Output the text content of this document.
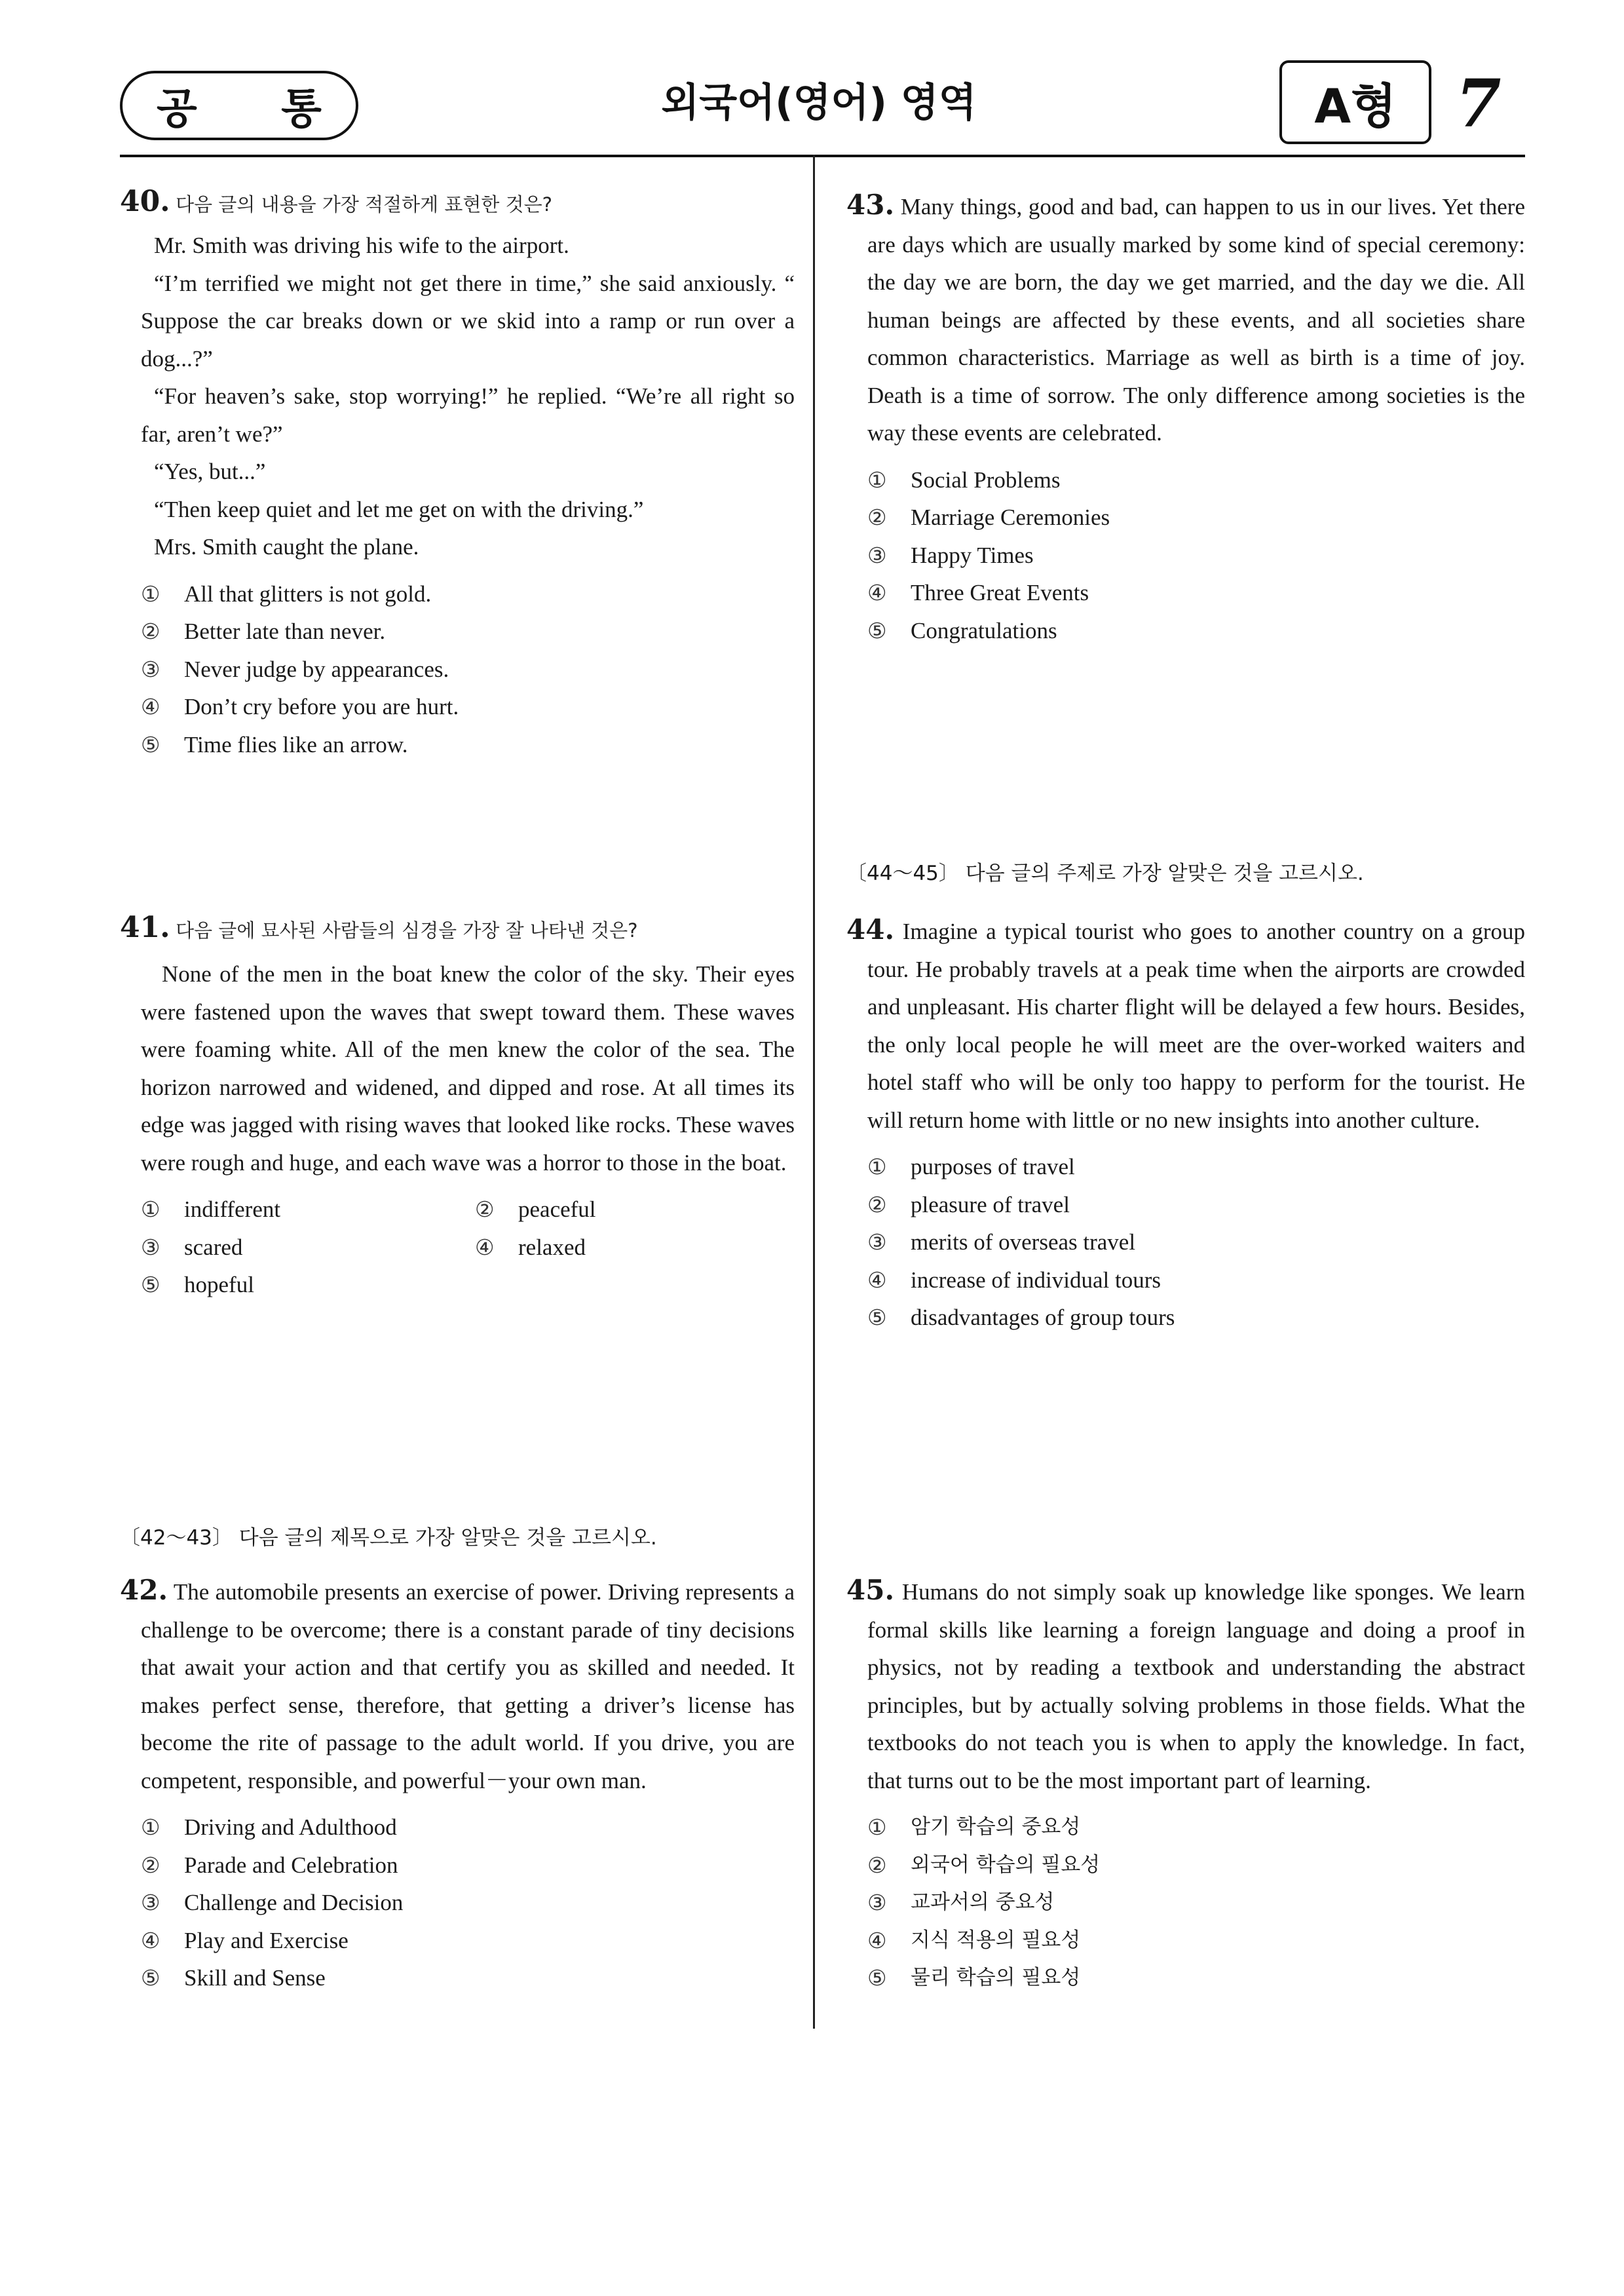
공 통	외국어(영어) 영역	A형 7
40. 다음 글의 내용을 가장 적절하게 표현한 것은?

Mr. Smith was driving his wife to the airport.

“I’m terrified we might not get there in time,” she said anxiously. “ Suppose the car breaks down or we skid into a ramp or run over a dog...?”

“For heaven’s sake, stop worrying!” he replied. “We’re all right so far, aren’t we?”

“Yes, but...”

“Then keep quiet and let me get on with the driving.”

Mrs. Smith caught the plane.

①	All that glitters is not gold.
②	Better late than never.
③	Never judge by appearances.
④	Don’t cry before you are hurt.
⑤	Time flies like an arrow.
41. 다음 글에 묘사된 사람들의 심경을 가장 잘 나타낸 것은?

None of the men in the boat knew the color of the sky. Their eyes were fastened upon the waves that swept toward them. These waves were foaming white. All of the men knew the color of the sea. The horizon narrowed and widened, and dipped and rose. At all times its edge was jagged with rising waves that looked like rocks. These waves were rough and huge, and each wave was a horror to those in the boat.

①	indifferent	②	peaceful
③	scared	④	relaxed
⑤	hopeful
〔42～43〕 다음 글의 제목으로 가장 알맞은 것을 고르시오.

42. The automobile presents an exercise of power. Driving represents a challenge to be overcome; there is a constant parade of tiny decisions that await your action and that certify you as skilled and needed. It makes perfect sense, therefore, that getting a driver’s license has become the rite of passage to the adult world. If you drive, you are competent, responsible, and powerful－your own man.

①	Driving and Adulthood
②	Parade and Celebration
③	Challenge and Decision
④	Play and Exercise
⑤	Skill and Sense

43. Many things, good and bad, can happen to us in our lives. Yet there are days which are usually marked by some kind of special ceremony: the day we are born, the day we get married, and the day we die. All human beings are affected by these events, and all societies share common characteristics. Marriage as well as birth is a time of joy. Death is a time of sorrow. The only difference among societies is the way these events are celebrated.

①	Social Problems
②	Marriage Ceremonies
③	Happy Times
④	Three Great Events
⑤	Congratulations
〔44～45〕 다음 글의 주제로 가장 알맞은 것을 고르시오.

44. Imagine a typical tourist who goes to another country on a group tour. He probably travels at a peak time when the airports are crowded and unpleasant. His charter flight will be delayed a few hours. Besides, the only local people he will meet are the over-worked waiters and hotel staff who will be only too happy to perform for the tourist. He will return home with little or no new insights into another culture.

①	purposes of travel
②	pleasure of travel
③	merits of overseas travel
④	increase of individual tours
⑤	disadvantages of group tours

45. Humans do not simply soak up knowledge like sponges. We learn formal skills like learning a foreign language and doing a proof in physics, not by reading a textbook and understanding the abstract principles, but by actually solving problems in those fields. What the textbooks do not teach you is when to apply the knowledge. In fact, that turns out to be the most important part of learning.

①	암기 학습의 중요성
②	외국어 학습의 필요성
③	교과서의 중요성
④	지식 적용의 필요성
⑤	물리 학습의 필요성
